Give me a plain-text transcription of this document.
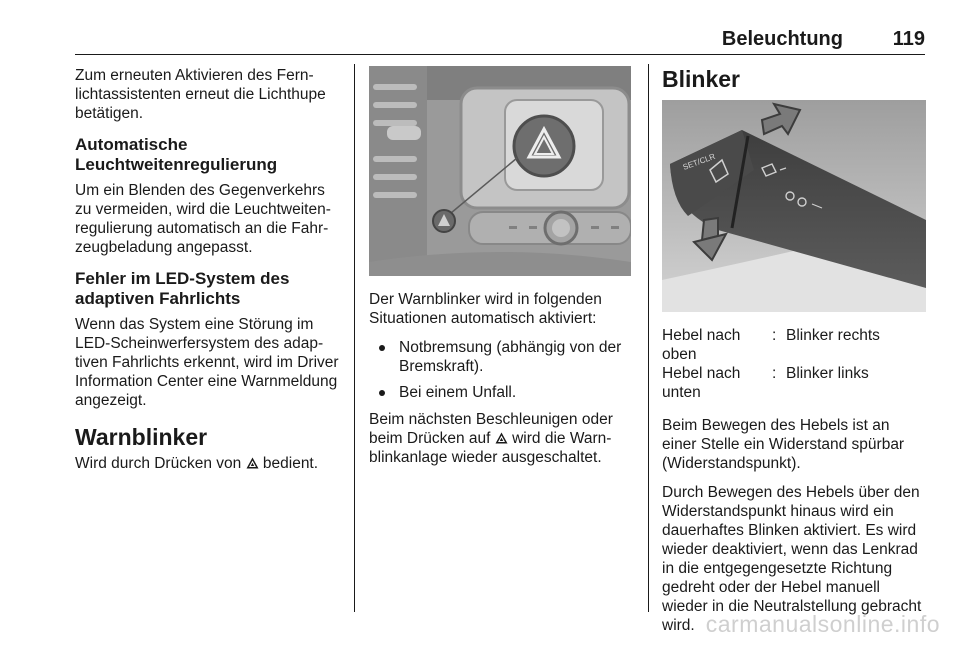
Beleuchtung 119

Zum erneuten Aktivieren des Fernlichtassistenten erneut die Lichthupe betätigen.

Automatische Leuchtweitenregulierung

Um ein Blenden des Gegenverkehrs zu vermeiden, wird die Leuchtweitenregulierung automatisch an die Fahrzeugbeladung angepasst.

Fehler im LED-System des adaptiven Fahrlichts

Wenn das System eine Störung im LED-Scheinwerfersystem des adaptiven Fahrlichts erkennt, wird im Driver Information Center eine Warnmeldung angezeigt.

Warnblinker

Wird durch Drücken von bedient.

Der Warnblinker wird in folgenden Situationen automatisch aktiviert:

Notbremsung (abhängig von der Bremskraft).
Bei einem Unfall.

Beim nächsten Beschleunigen oder beim Drücken auf wird die Warnblinkanlage wieder ausgeschaltet.

Blinker
SET/CLR
Hebel nach oben	:	Blinker rechts
Hebel nach unten	:	Blinker links

Beim Bewegen des Hebels ist an einer Stelle ein Widerstand spürbar (Widerstandspunkt).

Durch Bewegen des Hebels über den Widerstandspunkt hinaus wird ein dauerhaftes Blinken aktiviert. Es wird wieder deaktiviert, wenn das Lenkrad in die entgegengesetzte Richtung gedreht oder der Hebel manuell wieder in die Neutralstellung gebracht wird. carmanualsonline.info
